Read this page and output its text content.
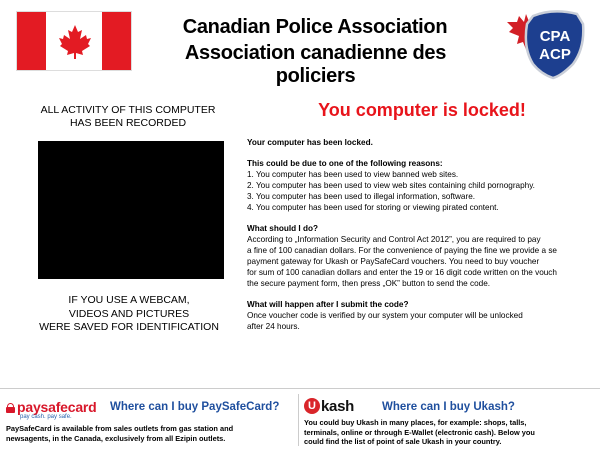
Canadian Police Association
Association canadienne des policiers
CPA
ACP
ALL ACTIVITY OF THIS COMPUTER
HAS BEEN RECORDED
IF YOU USE A WEBCAM,
VIDEOS AND PICTURES
WERE SAVED FOR IDENTIFICATION
You computer is locked!
Your computer has been locked.
This could be due to one of the following reasons:
1. You computer has been used to view banned web sites.
2. You computer has been used to view web sites containing child pornography.
3. You computer has been used to illegal information, software.
4. You computer has been used for storing or viewing pirated content.
What should I do?
According to „Information Security and Control Act 2012”, you are required to pay
a fine of 100 canadian dollars. For the convenience of paying the fine we provide a se
payment gateway for Ukash or PaySafeCard vouchers. You need to buy voucher
for sum of 100 canadian dollars and enter the 19 or 16 digit code written on the vouch
the secure payment form, then press „OK” button to send the code.
What will happen after I submit the code?
Once voucher code is verified by our system your computer will be unlocked
after 24 hours.
paysafecard
pay cash. pay safe.
Where can I buy PaySafeCard?
PaySafeCard is available from sales outlets from gas station and
newsagents, in the Canada, exclusively from all Ezipin outlets.
U kash Where can I buy Ukash?
You could buy Ukash in many places, for example: shops, talls,
terminals, online or through E-Wallet (electronic cash). Below you
could find the list of point of sale Ukash in your country.
